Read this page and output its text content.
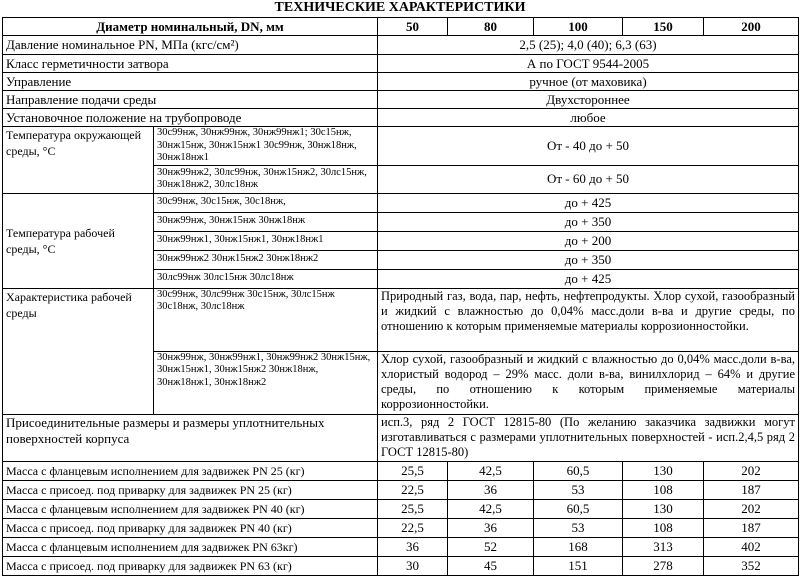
ТЕХНИЧЕСКИЕ ХАРАКТЕРИСТИКИ
Диаметр номинальный, DN, мм		50	80	100	150	200
Давление номинальное PN, МПа (кгс/см²)		2,5 (25); 4,0 (40); 6,3 (63)				
Класс герметичности затвора		А по ГОСТ 9544-2005				
Управление		ручное (от маховика)				
Направление подачи среды		Двухстороннее				
Установочное положение на трубопроводе		любое				
Температура окружающей среды, °С	30с99нж, 30нж99нж, 30нж99нж1; 30с15нж, 30нж15нж, 30нж15нж1 30с99нж, 30нж18нж, 30нж18нж1	От - 40 до + 50				
	30нж99нж2, 30лс99нж, 30нж15нж2, 30лс15нж, 30нж18нж2, 30лс18нж	От - 60 до + 50				
Температура рабочей среды, °С	30с99нж, 30с15нж, 30с18нж,	до + 425				
	30нж99нж, 30нж15нж 30нж18нж	до + 350				
	30нж99нж1, 30нж15нж1, 30нж18нж1	до + 200				
	30нж99нж2 30нж15нж2 30нж18нж2	до + 350				
	30лс99нж 30лс15нж 30лс18нж	до + 425				
Характеристика рабочей среды	30с99нж, 30лс99нж 30с15нж, 30лс15нж 30с18нж, 30лс18нж	Природный газ, вода, пар, нефть, нефтепродукты. Хлор сухой, газообразный и жидкий с влажностью до 0,04% масс.доли в-ва и другие среды, по отношению к которым применяемые материалы коррозионностойки.				
	30нж99нж, 30нж99нж1, 30нж99нж2 30нж15нж, 30нж15нж1, 30нж15нж2 30нж18нж, 30нж18нж1, 30нж18нж2	Хлор сухой, газообразный и жидкий с влажностью до 0,04% масс.доли в-ва, хлористый водород – 29% масс. доли в-ва, винилхлорид – 64% и другие среды, по отношению к которым применяемые материалы коррозионностойки.				
Присоединительные размеры и размеры уплотнительных поверхностей корпуса		исп.3, ряд 2 ГОСТ 12815-80 (По желанию заказчика задвижки могут изготавливаться с размерами уплотнительных поверхностей - исп.2,4,5 ряд 2 ГОСТ 12815-80)				
Масса с фланцевым исполнением для задвижек PN 25 (кг)		25,5	42,5	60,5	130	202
Масса с присоед. под приварку для задвижек PN 25 (кг)		22,5	36	53	108	187
Масса с фланцевым исполнением для задвижек PN 40 (кг)		25,5	42,5	60,5	130	202
Масса с присоед. под приварку для задвижек PN 40 (кг)		22,5	36	53	108	187
Масса с фланцевым исполнением для задвижек PN 63кг)		36	52	168	313	402
Масса с присоед. под приварку для задвижек PN 63 (кг)		30	45	151	278	352
